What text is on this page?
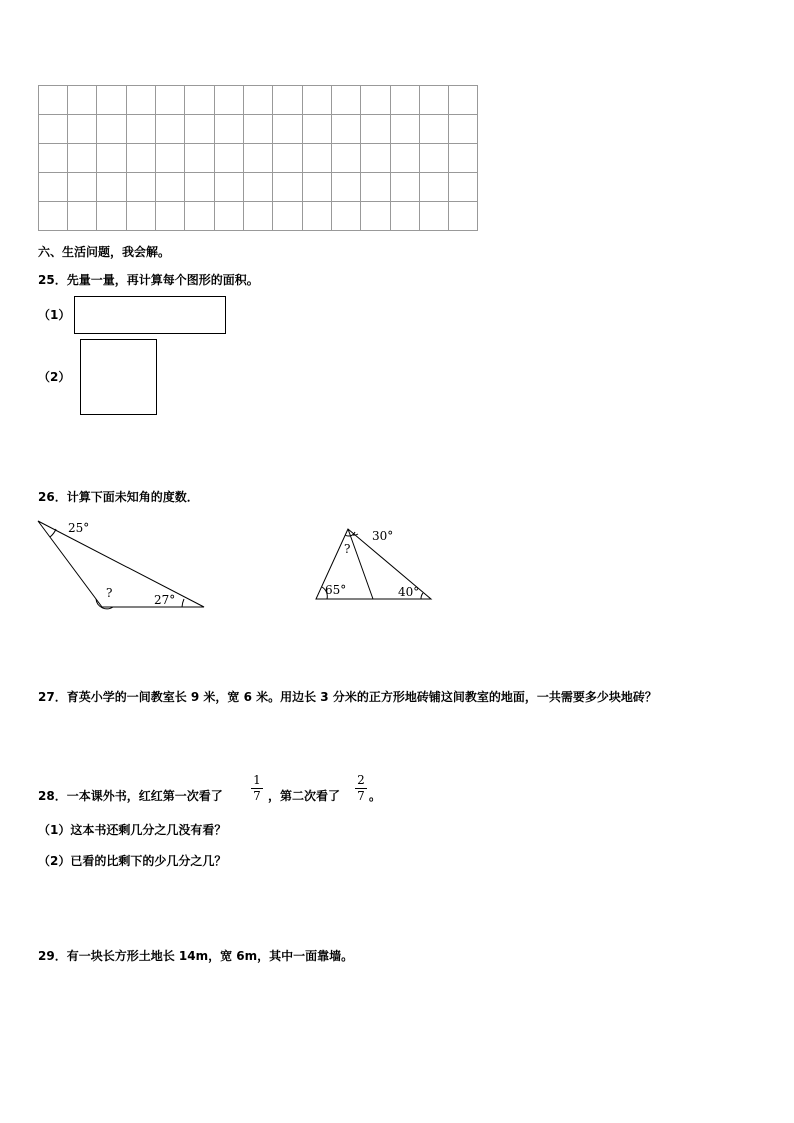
六、生活问题，我会解。
25．先量一量，再计算每个图形的面积。
（1）
（2）
26．计算下面未知角的度数．
25°
?	27°
30°
?
65°	40°
27．育英小学的一间教室长 9 米，宽 6 米。用边长 3 分米的正方形地砖铺这间教室的地面，一共需要多少块地砖？
28．一本课外书，红红第一次看了
1
7 ，第二次看了
2
7 。
（1）这本书还剩几分之几没有看？
（2）已看的比剩下的少几分之几？
29．有一块长方形土地长 14m，宽 6m，其中一面靠墙。
